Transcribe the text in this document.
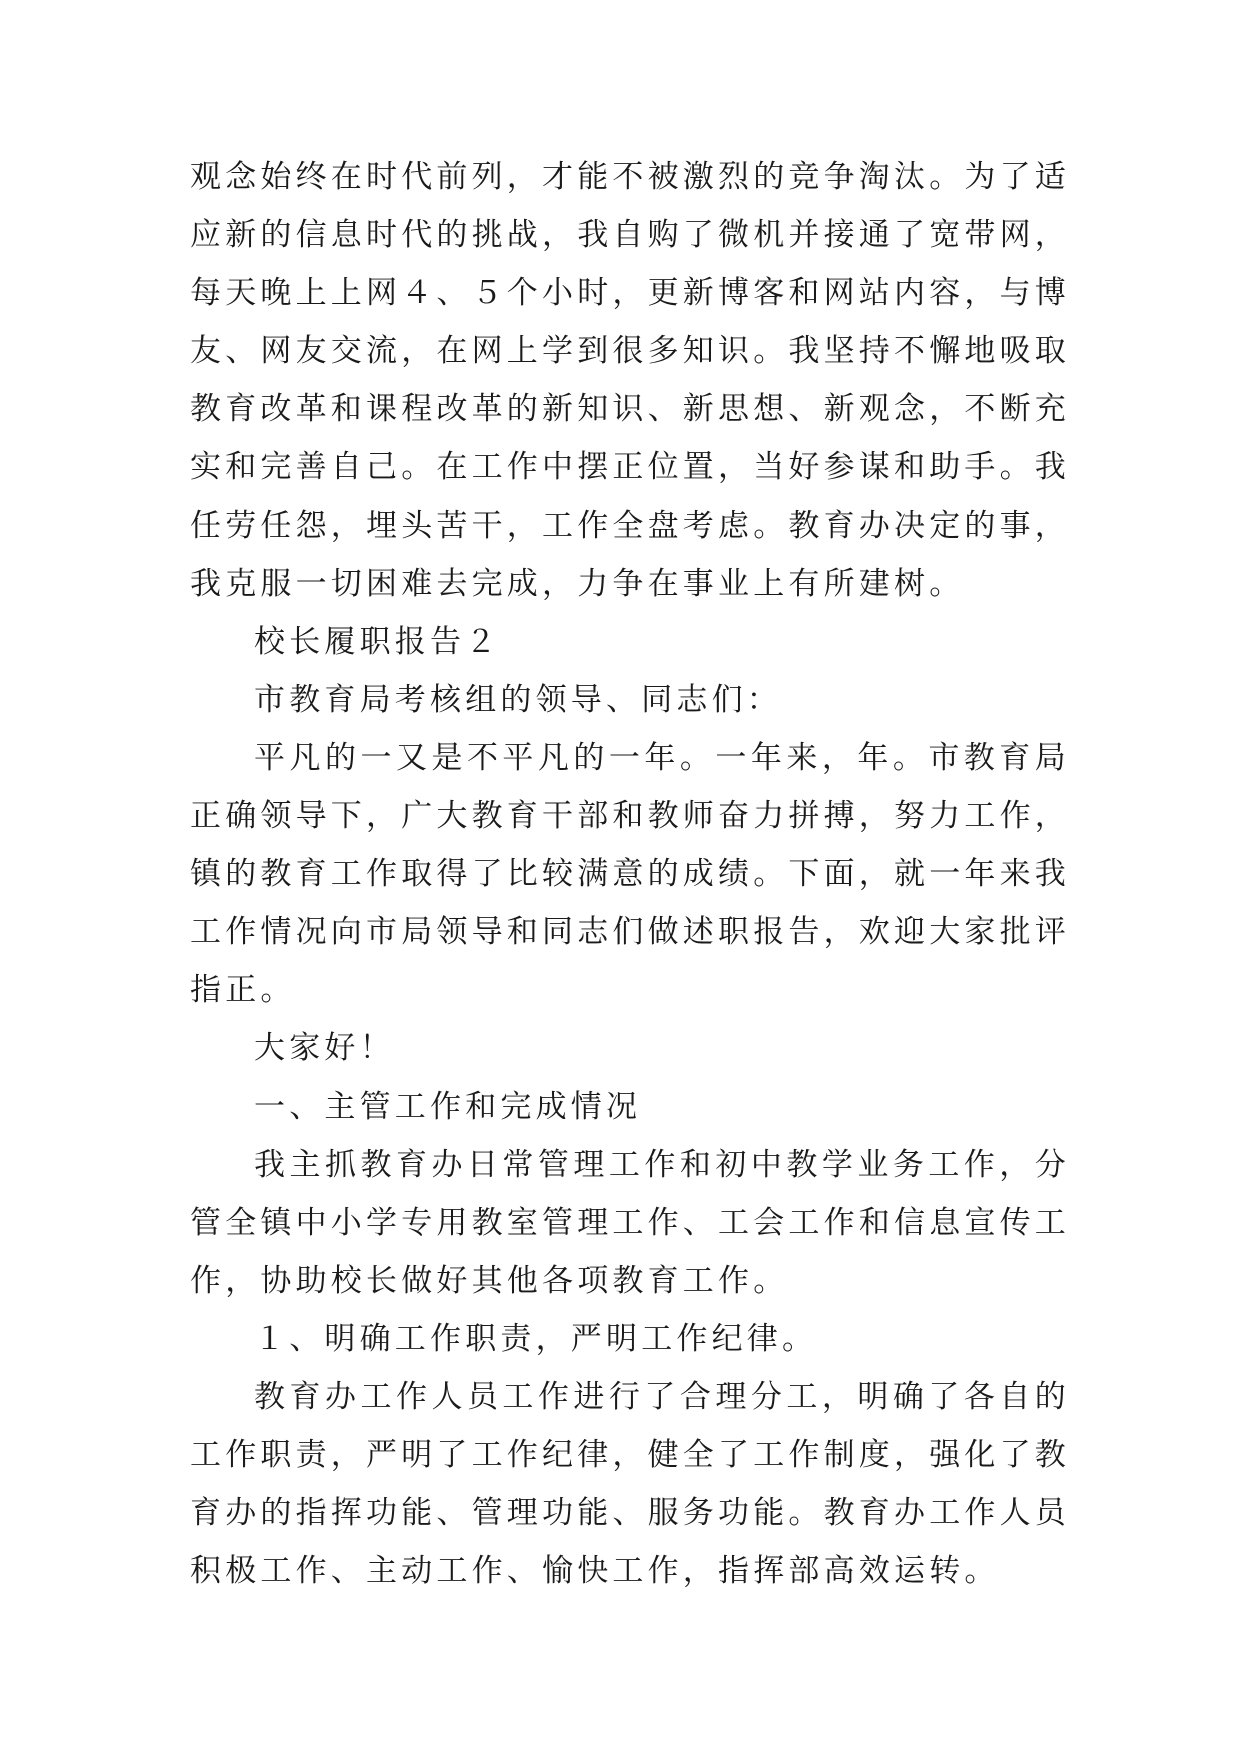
观念始终在时代前列，才能不被激烈的竞争淘汰。为了适应新的信息时代的挑战，我自购了微机并接通了宽带网，每天晚上上网４、５个小时，更新博客和网站内容，与博友、网友交流，在网上学到很多知识。我坚持不懈地吸取教育改革和课程改革的新知识、新思想、新观念，不断充实和完善自己。在工作中摆正位置，当好参谋和助手。我任劳任怨，埋头苦干，工作全盘考虑。教育办决定的事，我克服一切困难去完成，力争在事业上有所建树。

校长履职报告２

市教育局考核组的领导、同志们：

平凡的一又是不平凡的一年。一年来，年。市教育局正确领导下，广大教育干部和教师奋力拼搏，努力工作，镇的教育工作取得了比较满意的成绩。下面，就一年来我工作情况向市局领导和同志们做述职报告，欢迎大家批评指正。

大家好！

一、主管工作和完成情况

我主抓教育办日常管理工作和初中教学业务工作，分管全镇中小学专用教室管理工作、工会工作和信息宣传工作，协助校长做好其他各项教育工作。

１、明确工作职责，严明工作纪律。

教育办工作人员工作进行了合理分工，明确了各自的工作职责，严明了工作纪律，健全了工作制度，强化了教育办的指挥功能、管理功能、服务功能。教育办工作人员积极工作、主动工作、愉快工作，指挥部高效运转。
